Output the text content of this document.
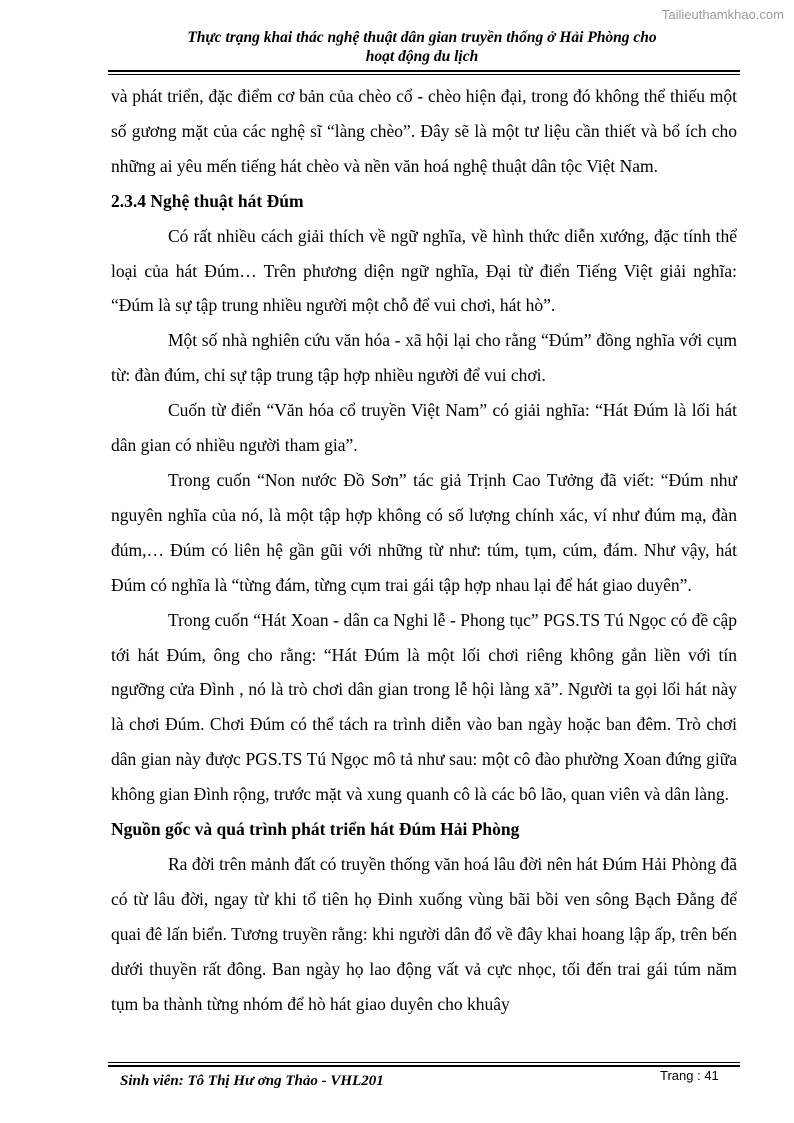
Tailieuthamkhao.com
Thực trạng khai thác nghệ thuật dân gian truyền thống ở Hải Phòng cho
hoạt động du lịch

và phát triển, đặc điểm cơ bản của chèo cổ - chèo hiện đại, trong đó không thể thiếu một số gương mặt của các nghệ sĩ “làng chèo”. Đây sẽ là một tư liệu cần thiết và bổ ích cho những ai yêu mến tiếng hát chèo và nền văn hoá nghệ thuật dân tộc Việt Nam.

2.3.4 Nghệ thuật hát Đúm

Có rất nhiều cách giải thích về ngữ nghĩa, về hình thức diễn xướng, đặc tính thể loại của hát Đúm… Trên phương diện ngữ nghĩa, Đại từ điển Tiếng Việt giải nghĩa: “Đúm là sự tập trung nhiều người một chỗ để vui chơi, hát hò”.

Một số nhà nghiên cứu văn hóa - xã hội lại cho rằng “Đúm” đồng nghĩa với cụm từ: đàn đúm, chỉ sự tập trung tập hợp nhiều người để vui chơi.

Cuốn từ điển “Văn hóa cổ truyền Việt Nam” có giải nghĩa: “Hát Đúm là lối hát dân gian có nhiều người tham gia”.

Trong cuốn “Non nước Đồ Sơn” tác giả Trịnh Cao Tưởng đã viết: “Đúm như nguyên nghĩa của nó, là một tập hợp không có số lượng chính xác, ví như đúm mạ, đàn đúm,… Đúm có liên hệ gần gũi với những từ như: túm, tụm, cúm, đám. Như vậy, hát Đúm có nghĩa là “từng đám, từng cụm trai gái tập hợp nhau lại để hát giao duyên”.

Trong cuốn “Hát Xoan - dân ca Nghi lễ - Phong tục” PGS.TS Tú Ngọc có đề cập tới hát Đúm, ông cho rằng: “Hát Đúm là một lối chơi riêng không gắn liền với tín ngưỡng cửa Đình , nó là trò chơi dân gian trong lễ hội làng xã”. Người ta gọi lối hát này là chơi Đúm. Chơi Đúm có thể tách ra trình diễn vào ban ngày hoặc ban đêm. Trò chơi dân gian này được PGS.TS Tú Ngọc mô tả như sau: một cô đào phường Xoan đứng giữa không gian Đình rộng, trước mặt và xung quanh cô là các bô lão, quan viên và dân làng.

Nguồn gốc và quá trình phát triển hát Đúm Hải Phòng

Ra đời trên mảnh đất có truyền thống văn hoá lâu đời nên hát Đúm Hải Phòng đã có từ lâu đời, ngay từ khi tổ tiên họ Đinh xuống vùng bãi bồi ven sông Bạch Đằng để quai đê lấn biển. Tương truyền rằng: khi người dân đổ về đây khai hoang lập ấp, trên bến dưới thuyền rất đông. Ban ngày họ lao động vất vả cực nhọc, tối đến trai gái túm năm tụm ba thành từng nhóm để hò hát giao duyên cho khuây

Sinh viên: Tô Thị Hư ơng Thảo - VHL201	Trang : 41
